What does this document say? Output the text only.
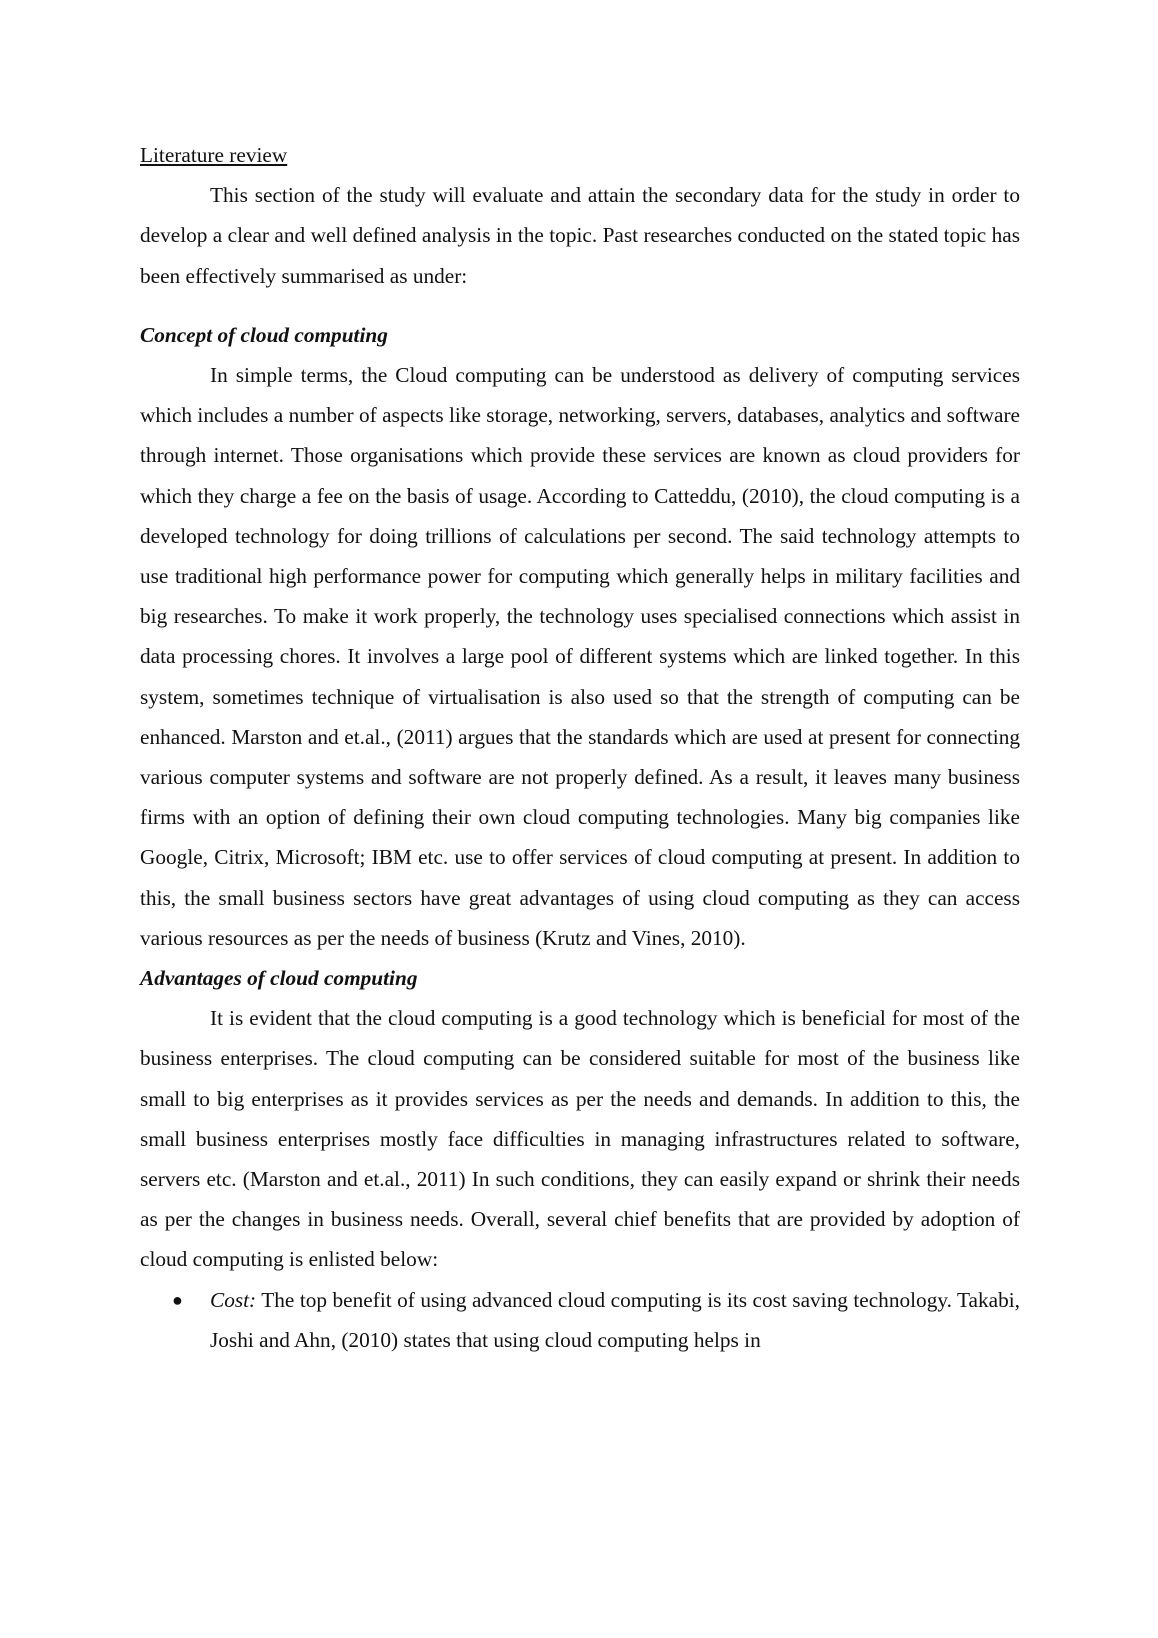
Literature review

This section of the study will evaluate and attain the secondary data for the study in order to develop a clear and well defined analysis in the topic. Past researches conducted on the stated topic has been effectively summarised as under:

Concept of cloud computing

In simple terms, the Cloud computing can be understood as delivery of computing services which includes a number of aspects like storage, networking, servers, databases, analytics and software through internet. Those organisations which provide these services are known as cloud providers for which they charge a fee on the basis of usage. According to Catteddu, (2010), the cloud computing is a developed technology for doing trillions of calculations per second. The said technology attempts to use traditional high performance power for computing which generally helps in military facilities and big researches. To make it work properly, the technology uses specialised connections which assist in data processing chores. It involves a large pool of different systems which are linked together. In this system, sometimes technique of virtualisation is also used so that the strength of computing can be enhanced. Marston and et.al., (2011) argues that the standards which are used at present for connecting various computer systems and software are not properly defined. As a result, it leaves many business firms with an option of defining their own cloud computing technologies. Many big companies like Google, Citrix, Microsoft; IBM etc. use to offer services of cloud computing at present. In addition to this, the small business sectors have great advantages of using cloud computing as they can access various resources as per the needs of business (Krutz and Vines, 2010).

Advantages of cloud computing

It is evident that the cloud computing is a good technology which is beneficial for most of the business enterprises. The cloud computing can be considered suitable for most of the business like small to big enterprises as it provides services as per the needs and demands. In addition to this, the small business enterprises mostly face difficulties in managing infrastructures related to software, servers etc. (Marston and et.al., 2011) In such conditions, they can easily expand or shrink their needs as per the changes in business needs. Overall, several chief benefits that are provided by adoption of cloud computing is enlisted below:

● Cost: The top benefit of using advanced cloud computing is its cost saving technology. Takabi, Joshi and Ahn, (2010) states that using cloud computing helps in
